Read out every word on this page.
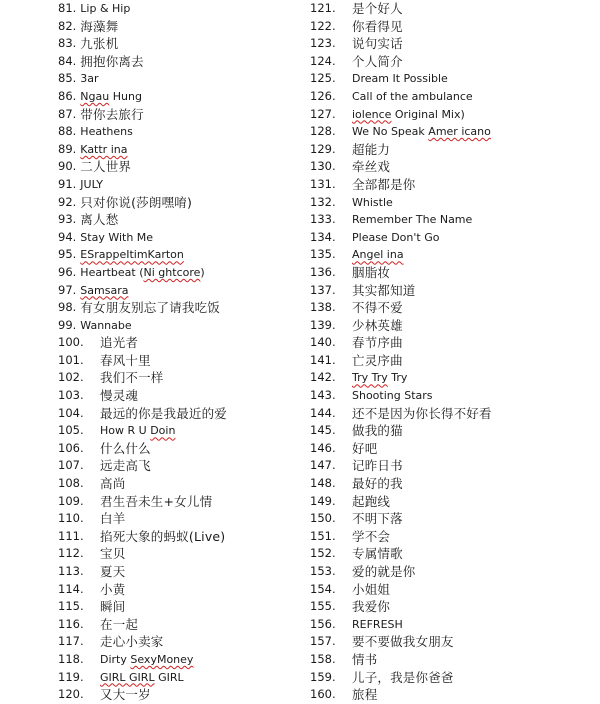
81. Lip & Hip
82. 海藻舞
83. 九张机
84. 拥抱你离去
85. 3ar
86. Ngau Hung
87. 带你去旅行
88. Heathens
89. Kattr ina
90. 二人世界
91. JULY
92. 只对你说(莎朗嘿唷)
93. 离人愁
94. Stay With Me
95. ESrappeItimKarton
96. Heartbeat (Ni ghtcore)
97. Samsara
98. 有女朋友别忘了请我吃饭
99. Wannabe
100.	追光者
101.	春风十里
102.	我们不一样
103.	慢灵魂
104.	最远的你是我最近的爱
105.	How R U Doin
106.	什么什么
107.	远走高飞
108.	高尚
109.	君生吾未生+女儿情
110.	白羊
111.	掐死大象的蚂蚁(Live)
112.	宝贝
113.	夏天
114.	小黄
115.	瞬间
116.	在一起
117.	走心小卖家
118.	Dirty SexyMoney
119.	GIRL GIRL GIRL
120.	又大一岁
121.	是个好人
122.	你看得见
123.	说句实话
124.	个人简介
125.	Dream It Possible
126.	Call of the ambulance
127.	iolence Original Mix)
128.	We No Speak Amer icano
129.	超能力
130.	牵丝戏
131.	全部都是你
132.	Whistle
133.	Remember The Name
134.	Please Don't Go
135.	Angel ina
136.	胭脂妆
137.	其实都知道
138.	不得不爱
139.	少林英雄
140.	春节序曲
141.	亡灵序曲
142.	Try Try Try
143.	Shooting Stars
144.	还不是因为你长得不好看
145.	做我的猫
146.	好吧
147.	记昨日书
148.	最好的我
149.	起跑线
150.	不明下落
151.	学不会
152.	专属情歌
153.	爱的就是你
154.	小姐姐
155.	我爱你
156.	REFRESH
157.	要不要做我女朋友
158.	情书
159.	儿子，我是你爸爸
160.	旅程
